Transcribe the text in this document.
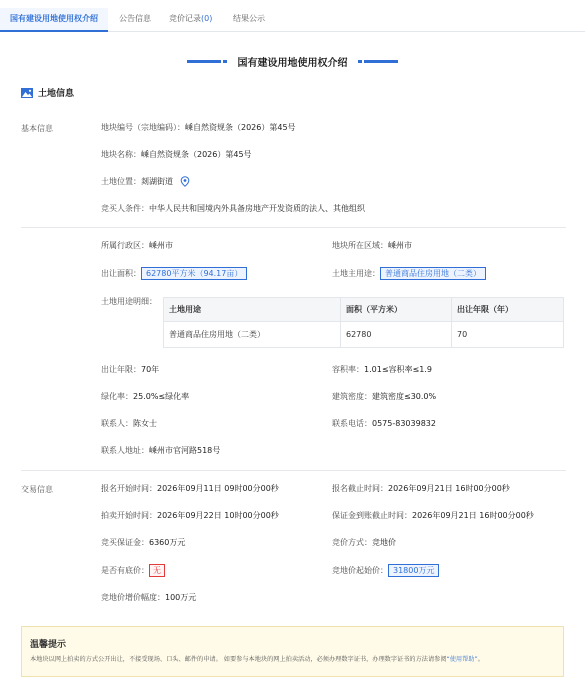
国有建设用地使用权介绍	公告信息	竞价记录(0)	结果公示
国有建设用地使用权介绍
土地信息
基本信息	地块编号（宗地编码）：嵊自然资规条（2026）第45号
地块名称：嵊自然资规条（2026）第45号
土地位置：剡湖街道
竞买人条件：中华人民共和国境内外具备房地产开发资质的法人、其他组织
所属行政区：嵊州市	地块所在区域：嵊州市
出让面积： 62780平方米（94.17亩）	土地主用途： 普通商品住房用地（二类）
土地用途明细：
土地用途	面积（平方米）	出让年限（年）
普通商品住房用地（二类）	62780	70
出让年限：70年	容积率：1.01≤容积率≤1.9
绿化率：25.0%≤绿化率	建筑密度：建筑密度≤30.0%
联系人：陈女士	联系电话：0575-83039832
联系人地址：嵊州市官河路518号
交易信息	报名开始时间：2026年09月11日 09时00分00秒	报名截止时间：2026年09月21日 16时00分00秒
拍卖开始时间：2026年09月22日 10时00分00秒	保证金到账截止时间：2026年09月21日 16时00分00秒
竞买保证金：6360万元	竞价方式：竞地价
是否有底价： 无	竞地价起始价： 31800万元
竞地价增价幅度：100万元
温馨提示
本地块以网上拍卖的方式公开出让，不接受现场、口头、邮件的申请。 如要参与本地块的网上拍卖活动，必须办理数字证书，办理数字证书的方法请参阅“使用帮助”。
